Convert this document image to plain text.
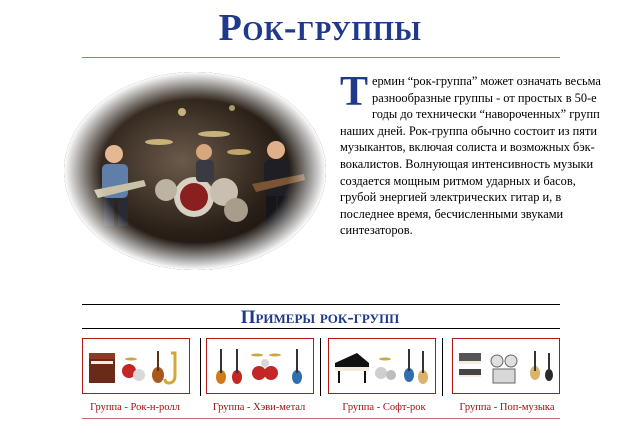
Рок-группы
Т ермин “рок-группа” может означать весьма разнообразные группы - от простых в 50-е годы до технически “навороченных” групп наших дней. Рок-группа обычно состоит из пяти музыкантов, включая солиста и возможных бэк-вокалистов. Волнующая интенсивность музыки создается мощным ритмом ударных и басов, грубой энергией электрических гитар и, в последнее время, бесчисленными звуками синтезаторов.
Примеры рок-групп
Группа - Рок-н-ролл	Группа - Хэви-метал	Группа - Софт-рок	Группа - Поп-музыка
